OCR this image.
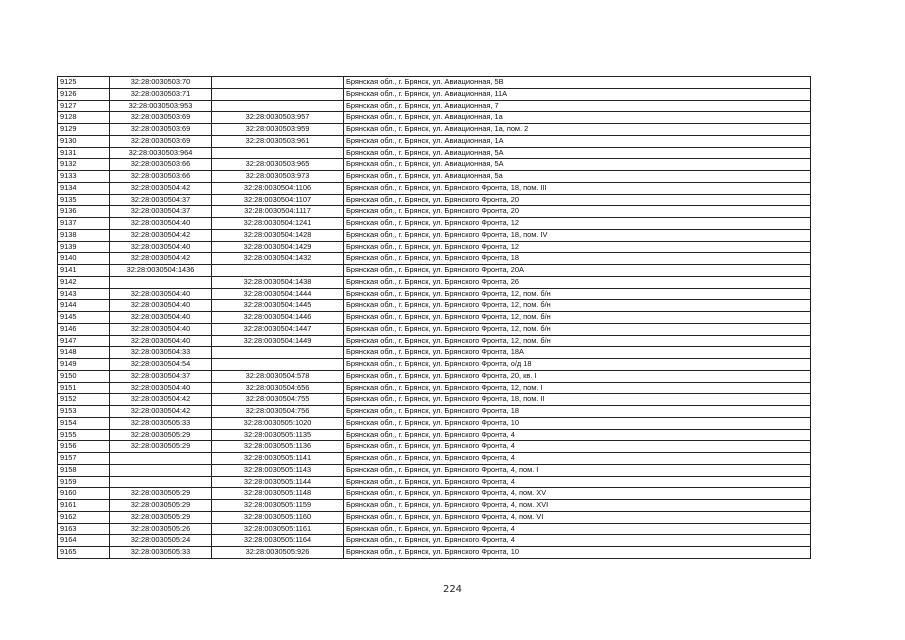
9125	32:28:0030503:70		Брянская обл., г. Брянск, ул. Авиационная, 5В
9126	32:28:0030503:71		Брянская обл., г. Брянск, ул. Авиационная, 11А
9127	32:28:0030503:953		Брянская обл., г. Брянск, ул. Авиационная, 7
9128	32:28:0030503:69	32:28:0030503:957	Брянская обл., г. Брянск, ул. Авиационная, 1а
9129	32:28:0030503:69	32:28:0030503:959	Брянская обл., г. Брянск, ул. Авиационная, 1а, пом. 2
9130	32:28:0030503:69	32:28:0030503:961	Брянская обл., г. Брянск, ул. Авиационная, 1А
9131	32:28:0030503:964		Брянская обл., г. Брянск, ул. Авиационная, 5А
9132	32:28:0030503:66	32:28:0030503:965	Брянская обл., г. Брянск, ул. Авиационная, 5А
9133	32:28:0030503:66	32:28:0030503:973	Брянская обл., г. Брянск, ул. Авиационная, 5а
9134	32:28:0030504:42	32:28:0030504:1106	Брянская обл., г. Брянск, ул. Брянского Фронта, 18, пом. III
9135	32:28:0030504:37	32:28:0030504:1107	Брянская обл., г. Брянск, ул. Брянского Фронта, 20
9136	32:28:0030504:37	32:28:0030504:1117	Брянская обл., г. Брянск, ул. Брянского Фронта, 20
9137	32:28:0030504:40	32:28:0030504:1241	Брянская обл., г. Брянск, ул. Брянского Фронта, 12
9138	32:28:0030504:42	32:28:0030504:1428	Брянская обл., г. Брянск, ул. Брянского Фронта, 18, пом. IV
9139	32:28:0030504:40	32:28:0030504:1429	Брянская обл., г. Брянск, ул. Брянского Фронта, 12
9140	32:28:0030504:42	32:28:0030504:1432	Брянская обл., г. Брянск, ул. Брянского Фронта, 18
9141	32:28:0030504:1436		Брянская обл., г. Брянск, ул. Брянского Фронта, 20А
9142		32:28:0030504:1438	Брянская обл., г. Брянск, ул. Брянского Фронта, 26
9143	32:28:0030504:40	32:28:0030504:1444	Брянская обл., г. Брянск, ул. Брянского Фронта, 12, пом. б/н
9144	32:28:0030504:40	32:28:0030504:1445	Брянская обл., г. Брянск, ул. Брянского Фронта, 12, пом. б/н
9145	32:28:0030504:40	32:28:0030504:1446	Брянская обл., г. Брянск, ул. Брянского Фронта, 12, пом. б/н
9146	32:28:0030504:40	32:28:0030504:1447	Брянская обл., г. Брянск, ул. Брянского Фронта, 12, пом. б/н
9147	32:28:0030504:40	32:28:0030504:1449	Брянская обл., г. Брянск, ул. Брянского Фронта, 12, пом. б/н
9148	32:28:0030504:33		Брянская обл., г. Брянск, ул. Брянского Фронта, 18А
9149	32:28:0030504:54		Брянская обл., г. Брянск, ул. Брянского Фронта, о/д 18
9150	32:28:0030504:37	32:28:0030504:578	Брянская обл., г. Брянск, ул. Брянского Фронта, 20, кв. I
9151	32:28:0030504:40	32:28:0030504:656	Брянская обл., г. Брянск, ул. Брянского Фронта, 12, пом. I
9152	32:28:0030504:42	32:28:0030504:755	Брянская обл., г. Брянск, ул. Брянского Фронта, 18, пом. II
9153	32:28:0030504:42	32:28:0030504:756	Брянская обл., г. Брянск, ул. Брянского Фронта, 18
9154	32:28:0030505:33	32:28:0030505:1020	Брянская обл., г. Брянск, ул. Брянского Фронта, 10
9155	32:28:0030505:29	32:28:0030505:1135	Брянская обл., г. Брянск, ул. Брянского Фронта, 4
9156	32:28:0030505:29	32:28:0030505:1136	Брянская обл., г. Брянск, ул. Брянского Фронта, 4
9157		32:28:0030505:1141	Брянская обл., г. Брянск, ул. Брянского Фронта, 4
9158		32:28:0030505:1143	Брянская обл., г. Брянск, ул. Брянского Фронта, 4, пом. I
9159		32:28:0030505:1144	Брянская обл., г. Брянск, ул. Брянского Фронта, 4
9160	32:28:0030505:29	32:28:0030505:1148	Брянская обл., г. Брянск, ул. Брянского Фронта, 4, пом. XV
9161	32:28:0030505:29	32:28:0030505:1159	Брянская обл., г. Брянск, ул. Брянского Фронта, 4, пом. XVI
9162	32:28:0030505:29	32:28:0030505:1160	Брянская обл., г. Брянск, ул. Брянского Фронта, 4, пом. VI
9163	32:28:0030505:26	32:28:0030505:1161	Брянская обл., г. Брянск, ул. Брянского Фронта, 4
9164	32:28:0030505:24	32:28:0030505:1164	Брянская обл., г. Брянск, ул. Брянского Фронта, 4
9165	32:28:0030505:33	32:28:0030505:926	Брянская обл., г. Брянск, ул. Брянского Фронта, 10
224
